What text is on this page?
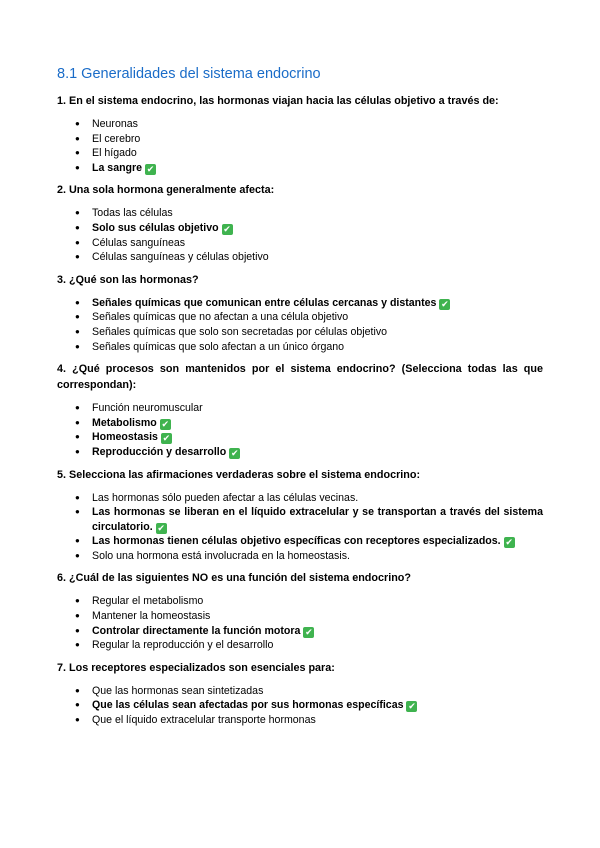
8.1 Generalidades del sistema endocrino

1. En el sistema endocrino, las hormonas viajan hacia las células objetivo a través de:

● Neuronas
● El cerebro
● El hígado
● La sangre ✔

2. Una sola hormona generalmente afecta:

● Todas las células
● Solo sus células objetivo ✔
● Células sanguíneas
● Células sanguíneas y células objetivo

3. ¿Qué son las hormonas?

● Señales químicas que comunican entre células cercanas y distantes ✔
● Señales químicas que no afectan a una célula objetivo
● Señales químicas que solo son secretadas por células objetivo
● Señales químicas que solo afectan a un único órgano

4. ¿Qué procesos son mantenidos por el sistema endocrino? (Selecciona todas las que correspondan):

● Función neuromuscular
● Metabolismo ✔
● Homeostasis ✔
● Reproducción y desarrollo ✔

5. Selecciona las afirmaciones verdaderas sobre el sistema endocrino:

● Las hormonas sólo pueden afectar a las células vecinas.
● Las hormonas se liberan en el líquido extracelular y se transportan a través del sistema circulatorio. ✔
● Las hormonas tienen células objetivo específicas con receptores especializados. ✔
● Solo una hormona está involucrada en la homeostasis.

6. ¿Cuál de las siguientes NO es una función del sistema endocrino?

● Regular el metabolismo
● Mantener la homeostasis
● Controlar directamente la función motora ✔
● Regular la reproducción y el desarrollo

7. Los receptores especializados son esenciales para:

● Que las hormonas sean sintetizadas
● Que las células sean afectadas por sus hormonas específicas ✔
● Que el líquido extracelular transporte hormonas
